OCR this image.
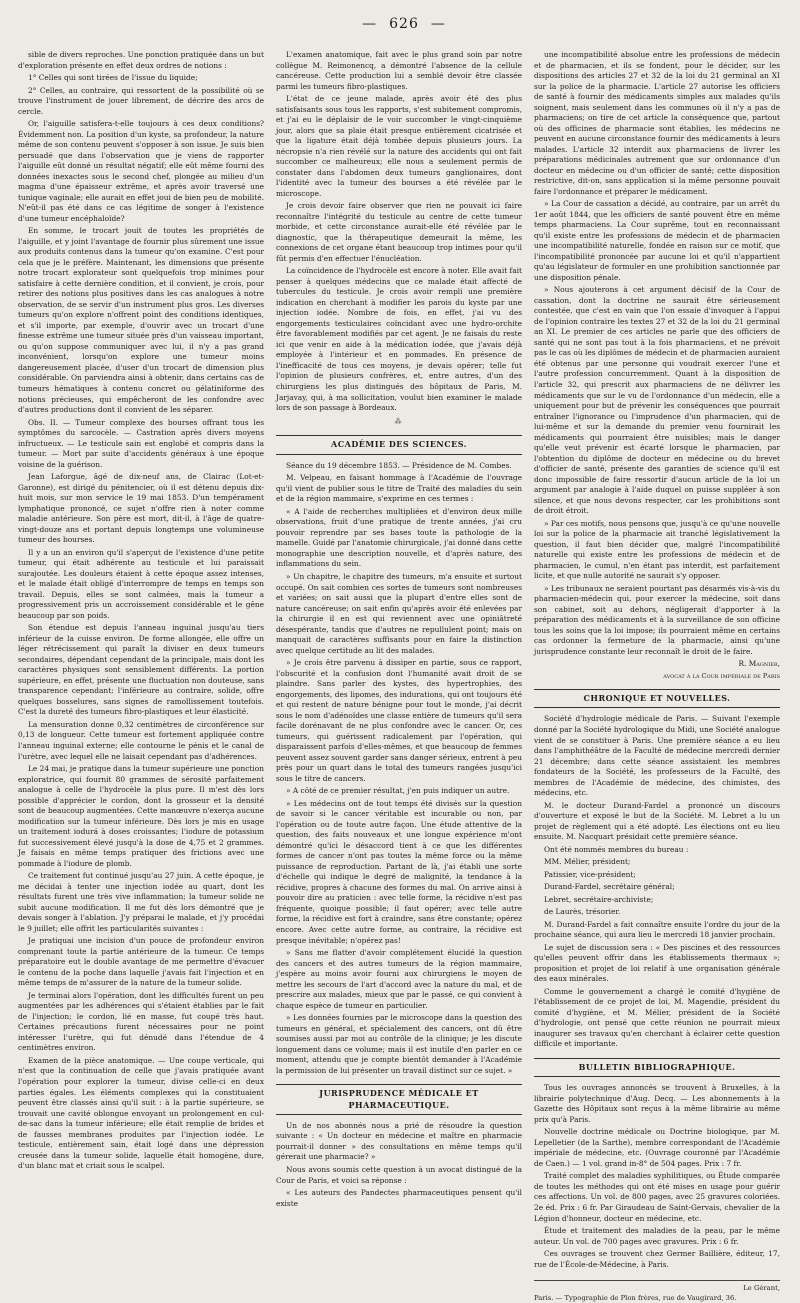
— 626 —

sible de divers reproches. Une ponction pratiquée dans un but d'exploration présente en effet deux ordres de notions :

1° Celles qui sont tirées de l'issue du liquide;

2° Celles, au contraire, qui ressortent de la possibilité où se trouve l'instrument de jouer librement, de décrire des arcs de cercle.

Or, l'aiguille satisfera-t-elle toujours à ces deux conditions? Évidemment non. La position d'un kyste, sa profondeur, la nature même de son contenu peuvent s'opposer à son issue. Je suis bien persuadé que dans l'observation que je viens de rapporter l'aiguille eût donné un résultat négatif; elle eût même fourni des données inexactes sous le second chef, plongée au milieu d'un magma d'une épaisseur extrême, et après avoir traversé une tunique vaginale; elle aurait en effet joui de bien peu de mobilité. N'eût-il pas été dans ce cas légitime de songer à l'existence d'une tumeur encéphaloïde?

En somme, le trocart jouit de toutes les propriétés de l'aiguille, et y joint l'avantage de fournir plus sûrement une issue aux produits contenus dans la tumeur qu'on examine. C'est pour cela que je le préfère. Maintenant, les dimensions que présente notre trocart explorateur sont quelquefois trop minimes pour satisfaire à cette dernière condition, et il convient, je crois, pour retirer des notions plus positives dans les cas analogues à notre observation, de se servir d'un instrument plus gros. Les diverses tumeurs qu'on explore n'offrent point des conditions identiques, et s'il importe, par exemple, d'ouvrir avec un trocart d'une finesse extrême une tumeur située près d'un vaisseau important, ou qu'on suppose communiquer avec lui, il n'y a pas grand inconvénient, lorsqu'on explore une tumeur moins dangereusement placée, d'user d'un trocart de dimension plus considérable. On parviendra ainsi à obtenir, dans certains cas de tumeurs hématiques à contenu concret ou gélatiniforme des notions précieuses, qui empêcheront de les confondre avec d'autres productions dont il convient de les séparer.

Obs. II. — Tumeur complexe des bourses offrant tous les symptômes du sarcocèle. — Castration après divers moyens infructueux. — Le testicule sain est englobé et compris dans la tumeur. — Mort par suite d'accidents généraux à une époque voisine de la guérison.

Jean Laforgue, âgé de dix-neuf ans, de Clairac (Lot-et-Garonne), est dirigé du pénitencier, où il est détenu depuis dix-huit mois, sur mon service le 19 mai 1853. D'un tempérament lymphatique prononcé, ce sujet n'offre rien à noter comme maladie antérieure. Son père est mort, dit-il, à l'âge de quatre-vingt-douze ans et portant depuis longtemps une volumineuse tumeur des bourses.

Il y a un an environ qu'il s'aperçut de l'existence d'une petite tumeur, qui était adhérente au testicule et lui paraissait surajoutée. Les douleurs étaient à cette époque assez intenses, et le malade était obligé d'interrompre de temps en temps son travail. Depuis, elles se sont calmées, mais la tumeur a progressivement pris un accroissement considérable et le gêne beaucoup par son poids.

Son étendue est depuis l'anneau inguinal jusqu'au tiers inférieur de la cuisse environ. De forme allongée, elle offre un léger rétrécissement qui paraît la diviser en deux tumeurs secondaires, dépendant cependant de la principale, mais dont les caractères physiques sont sensiblement différents. La portion supérieure, en effet, présente une fluctuation non douteuse, sans transparence cependant; l'inférieure au contraire, solide, offre quelques bosselures, sans signes de ramollissement toutefois. C'est la dureté des tumeurs fibro-plastiques et leur élasticité.

La mensuration donne 0,32 centimètres de circonférence sur 0,13 de longueur. Cette tumeur est fortement appliquée contre l'anneau inguinal externe; elle contourne le pénis et le canal de l'urètre, avec lequel elle ne laisait cependant pas d'adhérences.

Le 24 mai, je pratique dans la tumeur supérieure une ponction exploratrice, qui fournit 80 grammes de sérosité parfaitement analogue à celle de l'hydrocèle la plus pure. Il m'est dès lors possible d'apprécier le cordon, dont la grosseur et la densité sont de beaucoup augmentées. Cette manœuvre n'exerça aucune modification sur la tumeur inférieure. Dès lors je mis en usage un traitement iodurá à doses croissantes; l'iodure de potassium fut successivement élevé jusqu'à la dose de 4,75 et 2 grammes. Je faisais en même temps pratiquer des frictions avec une pommade à l'iodure de plomb.

Ce traitement fut continué jusqu'au 27 juin. A cette époque, je me décidai à tenter une injection iodée au quart, dont les résultats furent une très vive inflammation; la tumeur solide ne subit aucune modification. Il me fut dès lors démontré que je devais songer à l'ablation. J'y préparai le malade, et j'y procédai le 9 juillet; elle offrit les particularités suivantes :

Je pratiquai une incision d'un pouce de profondeur environ comprenant toute la partie antérieure de la tumeur. Ce temps préparatoire eut le double avantage de me permettre d'évacuer le contenu de la poche dans laquelle j'avais fait l'injection et en même temps de m'assurer de la nature de la tumeur solide.

Je terminai alors l'opération, dont les difficultés furent un peu augmentées par les adhérences qui s'étaient établies par le fait de l'injection; le cordon, lié en masse, fut coupé très haut. Certaines précautions furent nécessaires pour ne point intéresser l'urètre, qui fut dénudé dans l'étendue de 4 centimètres environ.

Examen de la pièce anatomique. — Une coupe verticale, qui n'est que la continuation de celle que j'avais pratiquée avant l'opération pour explorer la tumeur, divise celle-ci en deux parties égales. Les éléments complexes qui la constituaient peuvent être classés ainsi qu'il suit : à la partie supérieure, se trouvait une cavité oblongue envoyant un prolongement en cul-de-sac dans la tumeur inférieure; elle était remplie de brides et de fausses membranes produites par l'injection iodée. Le testicule, entièrement sain, était logé dans une dépression creusée dans la tumeur solide, laquelle était homogène, dure, d'un blanc mat et criait sous le scalpel.

L'examen anatomique, fait avec le plus grand soin par notre collègue M. Reimonencq, a démontré l'absence de la cellule cancéreuse. Cette production lui a semblé devoir être classée parmi les tumeurs fibro-plastiques.

L'état de ce jeune malade, après avoir été des plus satisfaisants sous tous les rapports, s'est subitement compromis, et j'ai eu le déplaisir de le voir succomber le vingt-cinquième jour, alors que sa plaie était presque entièrement cicatrisée et que la ligature était déjà tombée depuis plusieurs jours. La nécropsie n'a rien révélé sur la nature des accidents qui ont fait succomber ce malheureux; elle nous a seulement permis de constater dans l'abdomen deux tumeurs ganglionaires, dont l'identité avec la tumeur des bourses a été révélée par le microscope.

Je crois devoir faire observer que rien ne pouvait ici faire reconnaître l'intégrité du testicule au centre de cette tumeur morbide, et cette circonstance aurait-elle été révélée par le diagnostic, que la thérapeutique demeurait la même, les connexions de cet organe étant beaucoup trop intimes pour qu'il fût permis d'en effectuer l'énucléation.

La coïncidence de l'hydrocèle est encore à noter. Elle avait fait penser à quelques médecins que ce malade était affecté de tubercules du testicule. Je crois avoir rempli une première indication en cherchant à modifier les parois du kyste par une injection iodée. Nombre de fois, en effet, j'ai vu des engorgements testiculaires coïncidant avec une hydro-orchite être favorablement modifiés par cet agent. Je ne faisais du reste ici que venir en aide à la médication iodée, que j'avais déjà employée à l'intérieur et en pommades. En présence de l'inefficacité de tous ces moyens, je devais opérer; telle fut l'opinion de plusieurs confrères, et, entre autres, d'un des chirurgiens les plus distingués des hôpitaux de Paris, M. Jarjavay, qui, à ma sollicitation, voulut bien examiner le malade lors de son passage à Bordeaux.

⁂
ACADÉMIE DES SCIENCES.

Séance du 19 décembre 1853. — Présidence de M. Combes.

M. Velpeau, en faisant hommage à l'Académie de l'ouvrage qu'il vient de publier sous le titre de Traité des maladies du sein et de la région mammaire, s'exprime en ces termes :

« A l'aide de recherches multipliées et d'environ deux mille observations, fruit d'une pratique de trente années, j'ai cru pouvoir reprendre par ses bases toute la pathologie de la mamelle. Guidé par l'anatomie chirurgicale, j'ai donné dans cette monographie une description nouvelle, et d'après nature, des inflammations du sein.

» Un chapitre, le chapitre des tumeurs, m'a ensuite et surtout occupé. On sait combien ces sortes de tumeurs sont nombreuses et variées; on sait aussi que la plupart d'entre elles sont de nature cancéreuse; on sait enfin qu'après avoir été enlevées par la chirurgie il en est qui reviennent avec une opiniâtreté désespérante, tandis que d'autres ne repullulent point; mais on manquait de caractères suffisants pour en faire la distinction avec quelque certitude au lit des malades.

» Je crois être parvenu à dissiper en partie, sous ce rapport, l'obscurité et la confusion dont l'humanité avait droit de se plaindre. Sans parler des kystes, des hypertrophies, des engorgements, des lipomes, des indurations, qui ont toujours été et qui restent de nature bénigne pour tout le monde, j'ai décrit sous le nom d'adénoïdes une classe entière de tumeurs qu'il sera facile dorénavant de ne plus confondre avec le cancer. Or, ces tumeurs, qui guérissent radicalement par l'opération, qui disparaissent parfois d'elles-mêmes, et que beaucoup de femmes peuvent assez souvent garder sans danger sérieux, entrent à peu près pour un quart dans le total des tumeurs rangées jusqu'ici sous le titre de cancers.

» A côté de ce premier résultat, j'en puis indiquer un autre.

» Les médecins ont de tout temps été divisés sur la question de savoir si le cancer véritable est incurable ou non, par l'opération ou de toute autre façon. Une étude attentive de la question, des faits nouveaux et une longue expérience m'ont démontré qu'ici le désaccord tient à ce que les différentes formes de cancer n'ont pas toutes la même force ou la même puissance de reproduction. Partant de là, j'ai établi une sorte d'échelle qui indique le degré de malignité, la tendance à la récidive, propres à chacune des formes du mal. On arrive ainsi à pouvoir dire au praticien : avec telle forme, la récidive n'est pas fréquente, quoique possible; il faut opérer; avec telle autre forme, la récidive est fort à craindre, sans être constante; opérez encore. Avec cette autre forme, au contraire, la récidive est presque inévitable; n'opérez pas!

» Sans me flatter d'avoir complétement élucidé la question des cancers et des autres tumeurs de la région mammaire, j'espère au moins avoir fourni aux chirurgiens le moyen de mettre les secours de l'art d'accord avec la nature du mal, et de prescrire aux malades, mieux que par le passé, ce qui convient à chaque espèce de tumeur en particulier.

» Les données fournies par le microscope dans la question des tumeurs en général, et spécialement des cancers, ont dû être soumises aussi par moi au contrôle de la clinique; je les discute longuement dans ce volume; mais il est inutile d'en parler en ce moment, attendu que je compte bientôt demander à l'Académie la permission de lui présenter un travail distinct sur ce sujet. »

JURISPRUDENCE MÉDICALE ET PHARMACEUTIQUE.

Un de nos abonnés nous a prié de résoudre la question suivante : « Un docteur en médecine et maître en pharmacie pourrait-il donner » des consultations en même temps qu'il gérerait une pharmacie? »

Nous avons soumis cette question à un avocat distingué de la Cour de Paris, et voici sa réponse :

« Les auteurs des Pandectes pharmaceutiques pensent qu'il existe

une incompatibilité absolue entre les professions de médecin et de pharmacien, et ils se fondent, pour le décider, sur les dispositions des articles 27 et 32 de la loi du 21 germinal an XI sur la police de la pharmacie. L'article 27 autorise les officiers de santé à fournir des médicaments simples aux malades qu'ils soignent, mais seulement dans les communes où il n'y a pas de pharmaciens; on tire de cet article la conséquence que, partout où des officines de pharmacie sont établies, les médecins ne peuvent en aucune circonstance fournir des médicaments à leurs malades. L'article 32 interdit aux pharmaciens de livrer les préparations médicinales autrement que sur ordonnance d'un docteur en médecine ou d'un officier de santé; cette disposition restrictive, dit-on, sans application si la même personne pouvait faire l'ordonnance et préparer le médicament.

» La Cour de cassation a décidé, au contraire, par un arrêt du 1er août 1844, que les officiers de santé pouvent être en même temps pharmaciens. La Cour suprême, tout en reconnaissant qu'il existe entre les professions de médecin et de pharmacien une incompatibilité naturelle, fondée en raison sur ce motif, que l'incompatibilité prononcée par aucune loi et qu'il n'appartient qu'au législateur de formuler en une prohibition sanctionnée par une disposition pénale.

» Nous ajouterons à cet argument décisif de la Cour de cassation, dont la doctrine ne saurait être sérieusement contestée, que c'est en vain que l'on essaie d'invoquer à l'appui de l'opinion contraire les textes 27 et 32 de la loi du 21 germinal an XI. Le premier de ces articles ne parle que des officiers de santé qui ne sont pas tout à la fois pharmaciens, et ne prévoit pas le cas où les diplômes de médecin et de pharmacien auraient été obtenus par une personne qui voudrait exercer l'une et l'autre profession concurremment. Quant à la disposition de l'article 32, qui prescrit aux pharmaciens de ne délivrer les médicaments que sur le vu de l'ordonnance d'un médecin, elle a uniquement pour but de prévenir les conséquences que pourrait entraîner l'ignorance ou l'imprudence d'un pharmacien, qui de lui-même et sur la demande du premier venu fournirait les médicaments qui pourraient être nuisibles; mais le danger qu'elle veut prévenir est écarté lorsque le pharmacien, par l'obtention du diplôme de docteur en médecine ou du brevet d'officier de santé, présente des garanties de science qu'il est donc impossible de faire ressortir d'aucun article de la loi un argument par analogie à l'aide duquel on puisse suppléer à son silence, et que nous devons respecter, car les prohibitions sont de droit étroit.

» Par ces motifs, nous pensons que, jusqu'à ce qu'une nouvelle loi sur la police de la pharmacie ait tranché législativement la question, il faut bien décider que, malgré l'incompatibilité naturelle qui existe entre les professions de médecin et de pharmacien, le cumul, n'en étant pas interdit, est parfaitement licite, et que nulle autorité ne saurait s'y opposer.

» Les tribunaux ne seraient pourtant pas désarmés vis-à-vis du pharmacien-médecin qui, pour exercer la médecine, soit dans son cabinet, soit au dehors, négligerait d'apporter à la préparation des médicaments et à la surveillance de son officine tous les soins que la loi impose; ils pourraient même en certains cas ordonner la fermeture de la pharmacie, ainsi qu'une jurisprudence constante leur reconnaît le droit de le faire.

R. Magnier,
avocat à la Cour impériale de Paris
CHRONIQUE ET NOUVELLES.

Société d'hydrologie médicale de Paris. — Suivant l'exemple donné par la Société hydrologique du Midi, une Société analogue vient de se constituer à Paris. Une première séance a eu lieu dans l'amphithéâtre de la Faculté de médecine mercredi dernier 21 décembre; dans cette séance assistaient les membres fondateurs de la Société, les professeurs de la Faculté, des membres de l'Académie de médecine, des chimistes, des médecins, etc.

M. le docteur Durand-Fardel a prononcé un discours d'ouverture et exposé le but de la Société. M. Lebret a lu un projet de règlement qui a été adopté. Les élections ont eu lieu ensuite. M. Nacquart présidait cette première séance.

Ont été nommés membres du bureau :

MM. Mélier, président;

Patissier, vice-président;

Durand-Fardel, secrétaire général;

Lebret, secrétaire-archiviste;

de Laurès, trésorier.

M. Durand-Fardel a fait connaître ensuite l'ordre du jour de la prochaine séance, qui aura lieu le mercredi 18 janvier prochain.

Le sujet de discussion sera : « Des piscines et des ressources qu'elles peuvent offrir dans les établissements thermaux »; proposition et projet de loi relatif à une organisation générale des eaux minérales.

Comme le gouvernement a chargé le comité d'hygiène de l'établissement de ce projet de loi, M. Magendie, président du comité d'hygiène, et M. Mélier, président de la Société d'hydrologie, ont pensé que cette réunion ne pourrait mieux inaugurer ses travaux qu'en cherchant à éclairer cette question difficile et importante.

BULLETIN BIBLIOGRAPHIQUE.

Tous les ouvrages annoncés se trouvent à Bruxelles, à la librairie polytechnique d'Aug. Decq. — Les abonnements à la Gazette des Hôpitaux sont reçus à la même librairie au même prix qu'à Paris.

Nouvelle doctrine médicale ou Doctrine biologique, par M. Lepelletier (de la Sarthe), membre correspondant de l'Académie impériale de médecine, etc. (Ouvrage couronné par l'Académie de Caen.) — 1 vol. grand in-8° de 504 pages. Prix : 7 fr.

Traité complet des maladies syphilitiques, ou Étude comparée de toutes les méthodes qui ont été mises en usage pour guérir ces affections. Un vol. de 800 pages, avec 25 gravures coloriées. 2e éd. Prix : 6 fr. Par Giraudeau de Saint-Gervais, chevalier de la Légion d'honneur, docteur en médecine, etc.

Étude et traitement des maladies de la peau, par le même auteur. Un vol. de 700 pages avec gravures. Prix : 6 fr.

Ces ouvrages se trouvent chez Germer Baillière, éditeur, 17, rue de l'École-de-Médecine, à Paris.

Le Gérant,
Paris. — Typographie de Plon frères, rue de Vaugirard, 36.
